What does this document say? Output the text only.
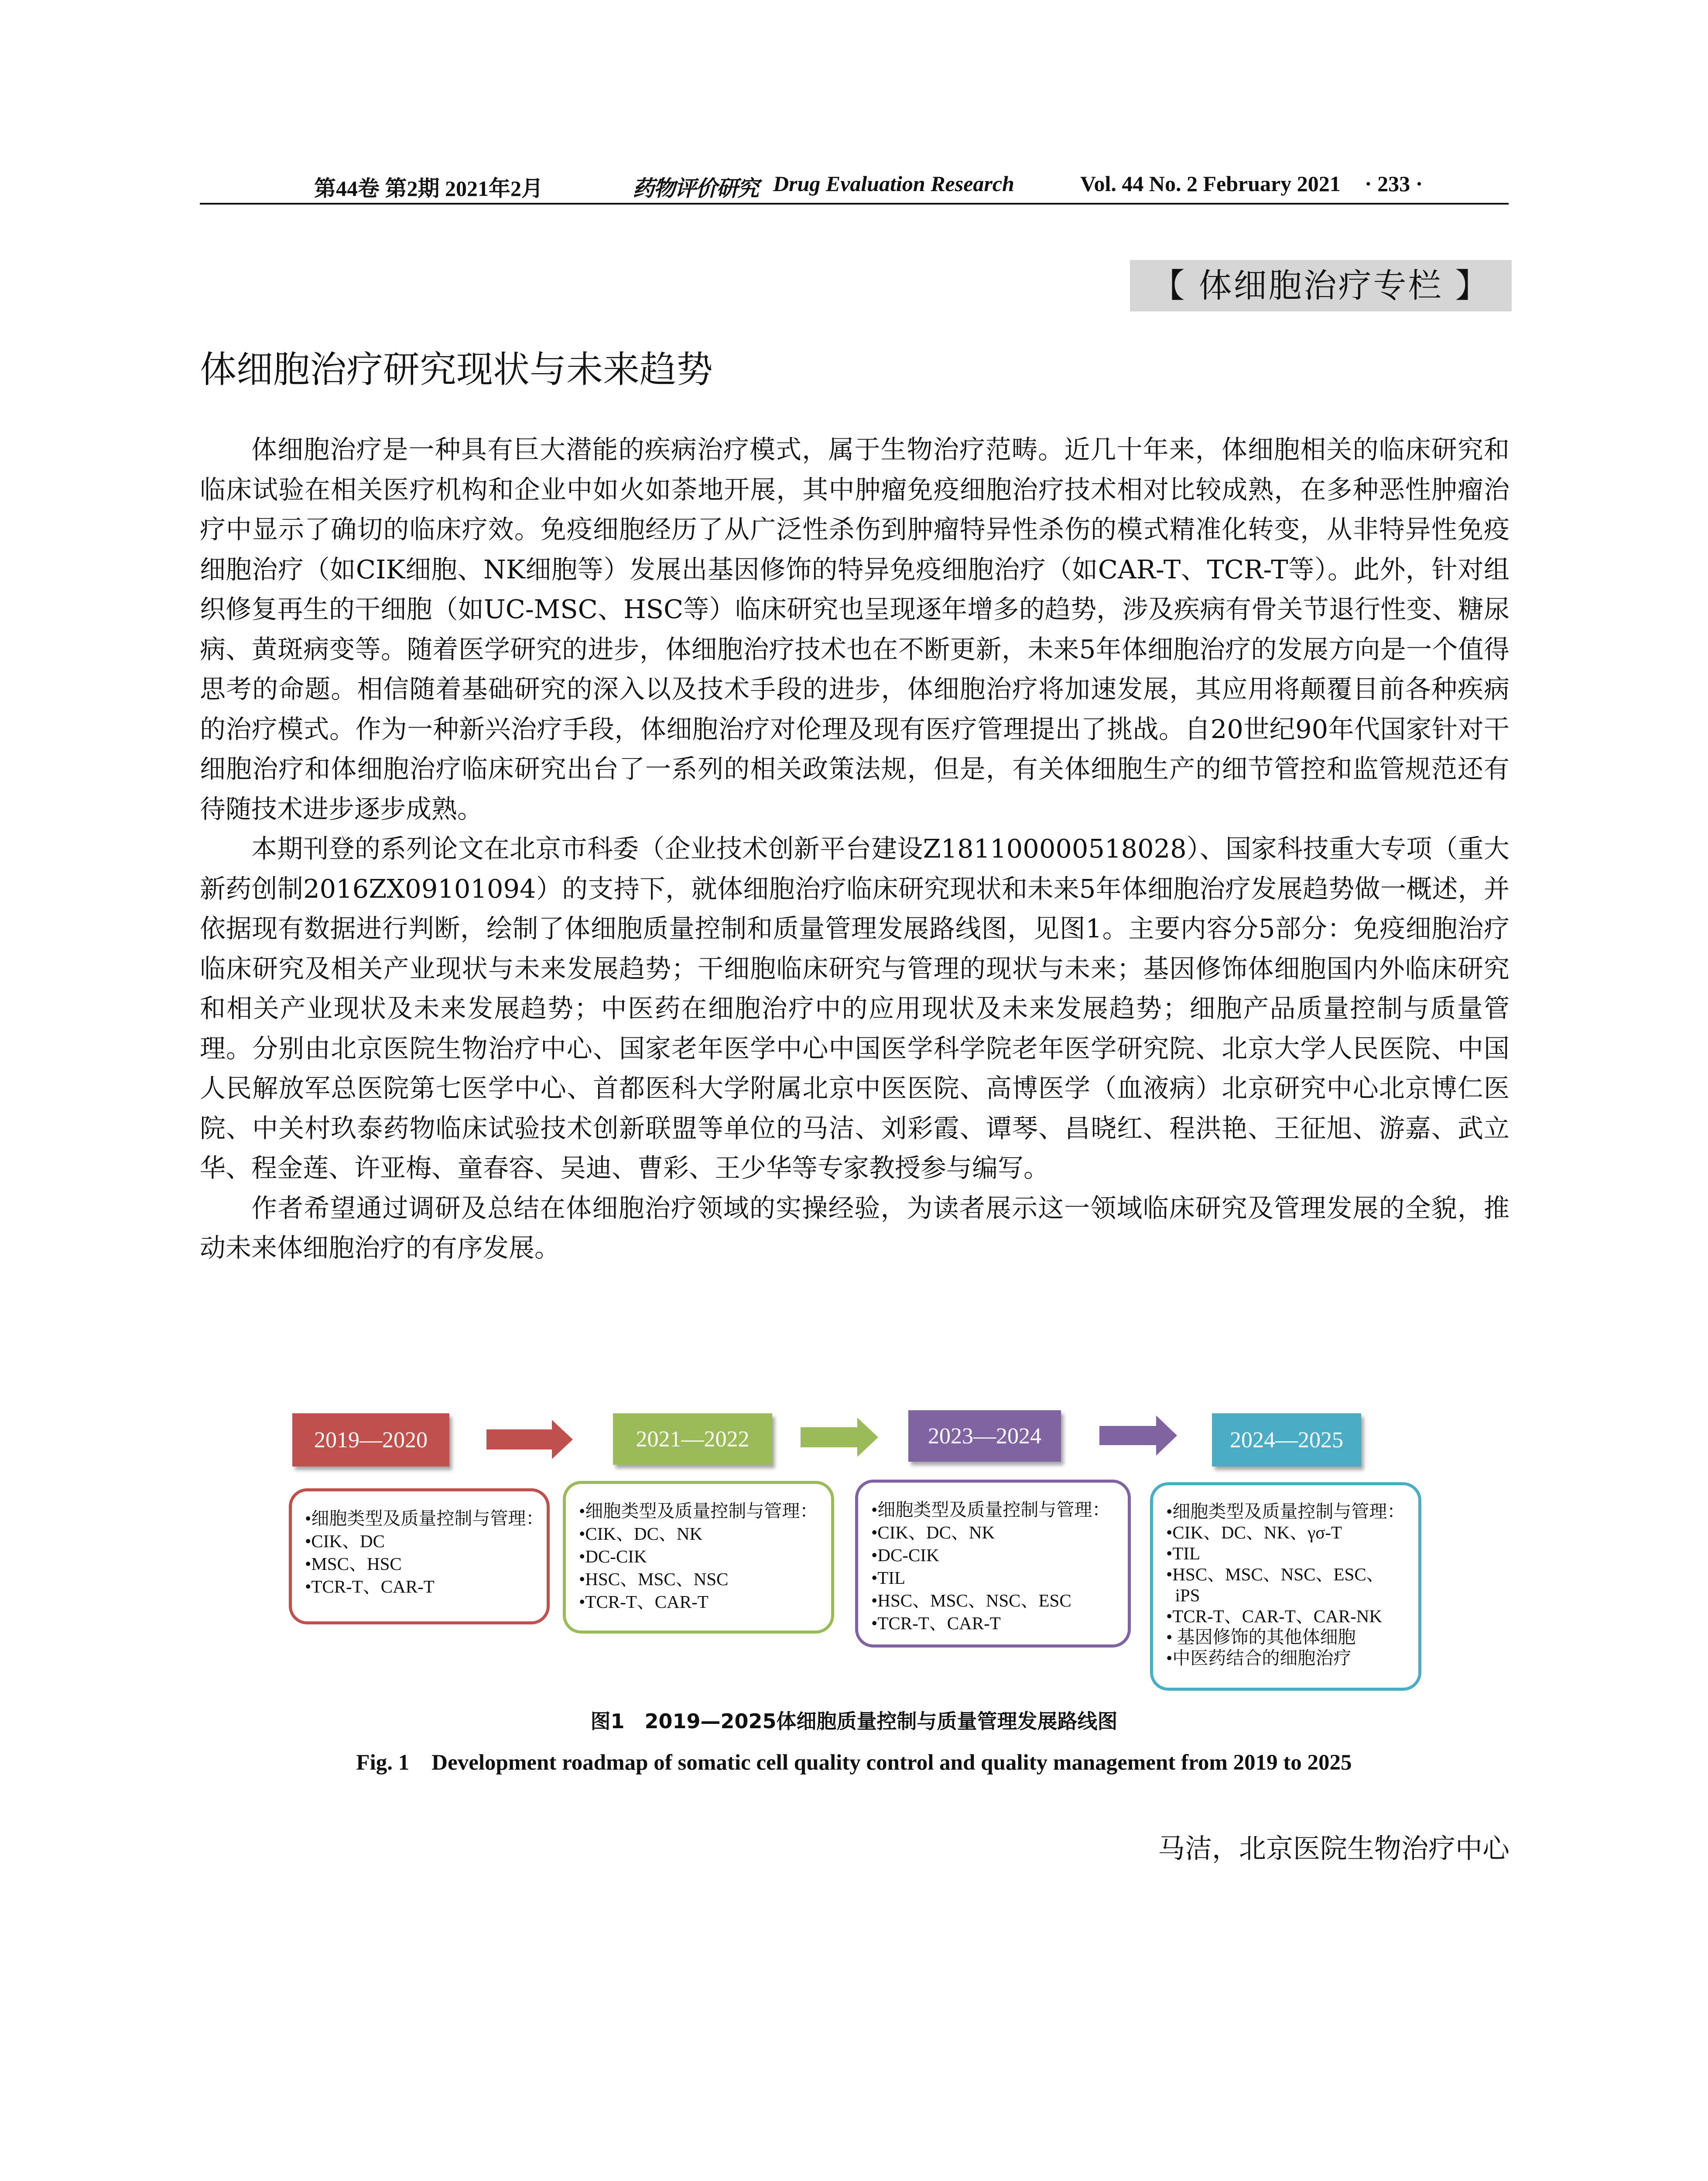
第44卷 第2期 2021年2月	药物评价研究 Drug Evaluation Research	Vol. 44 No. 2 February 2021 · 233 ·
【 体细胞治疗专栏 】
体细胞治疗研究现状与未来趋势

体细胞治疗是一种具有巨大潜能的疾病治疗模式，属于生物治疗范畴。近几十年来，体细胞相关的临床研究和临床试验在相关医疗机构和企业中如火如荼地开展，其中肿瘤免疫细胞治疗技术相对比较成熟，在多种恶性肿瘤治疗中显示了确切的临床疗效。免疫细胞经历了从广泛性杀伤到肿瘤特异性杀伤的模式精准化转变，从非特异性免疫细胞治疗（如CIK细胞、NK细胞等）发展出基因修饰的特异免疫细胞治疗（如CAR-T、TCR-T等）。此外，针对组织修复再生的干细胞（如UC-MSC、HSC等）临床研究也呈现逐年增多的趋势，涉及疾病有骨关节退行性变、糖尿病、黄斑病变等。随着医学研究的进步，体细胞治疗技术也在不断更新，未来5年体细胞治疗的发展方向是一个值得思考的命题。相信随着基础研究的深入以及技术手段的进步，体细胞治疗将加速发展，其应用将颠覆目前各种疾病的治疗模式。作为一种新兴治疗手段，体细胞治疗对伦理及现有医疗管理提出了挑战。自20世纪90年代国家针对干细胞治疗和体细胞治疗临床研究出台了一系列的相关政策法规，但是，有关体细胞生产的细节管控和监管规范还有待随技术进步逐步成熟。

本期刊登的系列论文在北京市科委（企业技术创新平台建设Z181100000518028）、国家科技重大专项（重大新药创制2016ZX09101094）的支持下，就体细胞治疗临床研究现状和未来5年体细胞治疗发展趋势做一概述，并依据现有数据进行判断，绘制了体细胞质量控制和质量管理发展路线图，见图1。主要内容分5部分：免疫细胞治疗临床研究及相关产业现状与未来发展趋势；干细胞临床研究与管理的现状与未来；基因修饰体细胞国内外临床研究和相关产业现状及未来发展趋势；中医药在细胞治疗中的应用现状及未来发展趋势；细胞产品质量控制与质量管理。分别由北京医院生物治疗中心、国家老年医学中心中国医学科学院老年医学研究院、北京大学人民医院、中国人民解放军总医院第七医学中心、首都医科大学附属北京中医医院、高博医学（血液病）北京研究中心北京博仁医院、中关村玖泰药物临床试验技术创新联盟等单位的马洁、刘彩霞、谭琴、昌晓红、程洪艳、王征旭、游嘉、武立华、程金莲、许亚梅、童春容、吴迪、曹彩、王少华等专家教授参与编写。

作者希望通过调研及总结在体细胞治疗领域的实操经验，为读者展示这一领域临床研究及管理发展的全貌，推动未来体细胞治疗的有序发展。

2019—2020
•细胞类型及质量控制与管理：
•CIK、DC
•MSC、HSC
•TCR-T、CAR-T
2021—2022
•细胞类型及质量控制与管理：
•CIK、DC、NK
•DC-CIK
•HSC、MSC、NSC
•TCR-T、CAR-T
2023—2024
•细胞类型及质量控制与管理：
•CIK、DC、NK
•DC-CIK
•TIL
•HSC、MSC、NSC、ESC
•TCR-T、CAR-T
2024—2025
•细胞类型及质量控制与管理：
•CIK、DC、NK、γσ-T
•TIL
•HSC、MSC、NSC、ESC、
iPS
•TCR-T、CAR-T、CAR-NK
• 基因修饰的其他体细胞
•中医药结合的细胞治疗
图1　2019—2025体细胞质量控制与质量管理发展路线图
Fig. 1　Development roadmap of somatic cell quality control and quality management from 2019 to 2025
马洁，北京医院生物治疗中心
